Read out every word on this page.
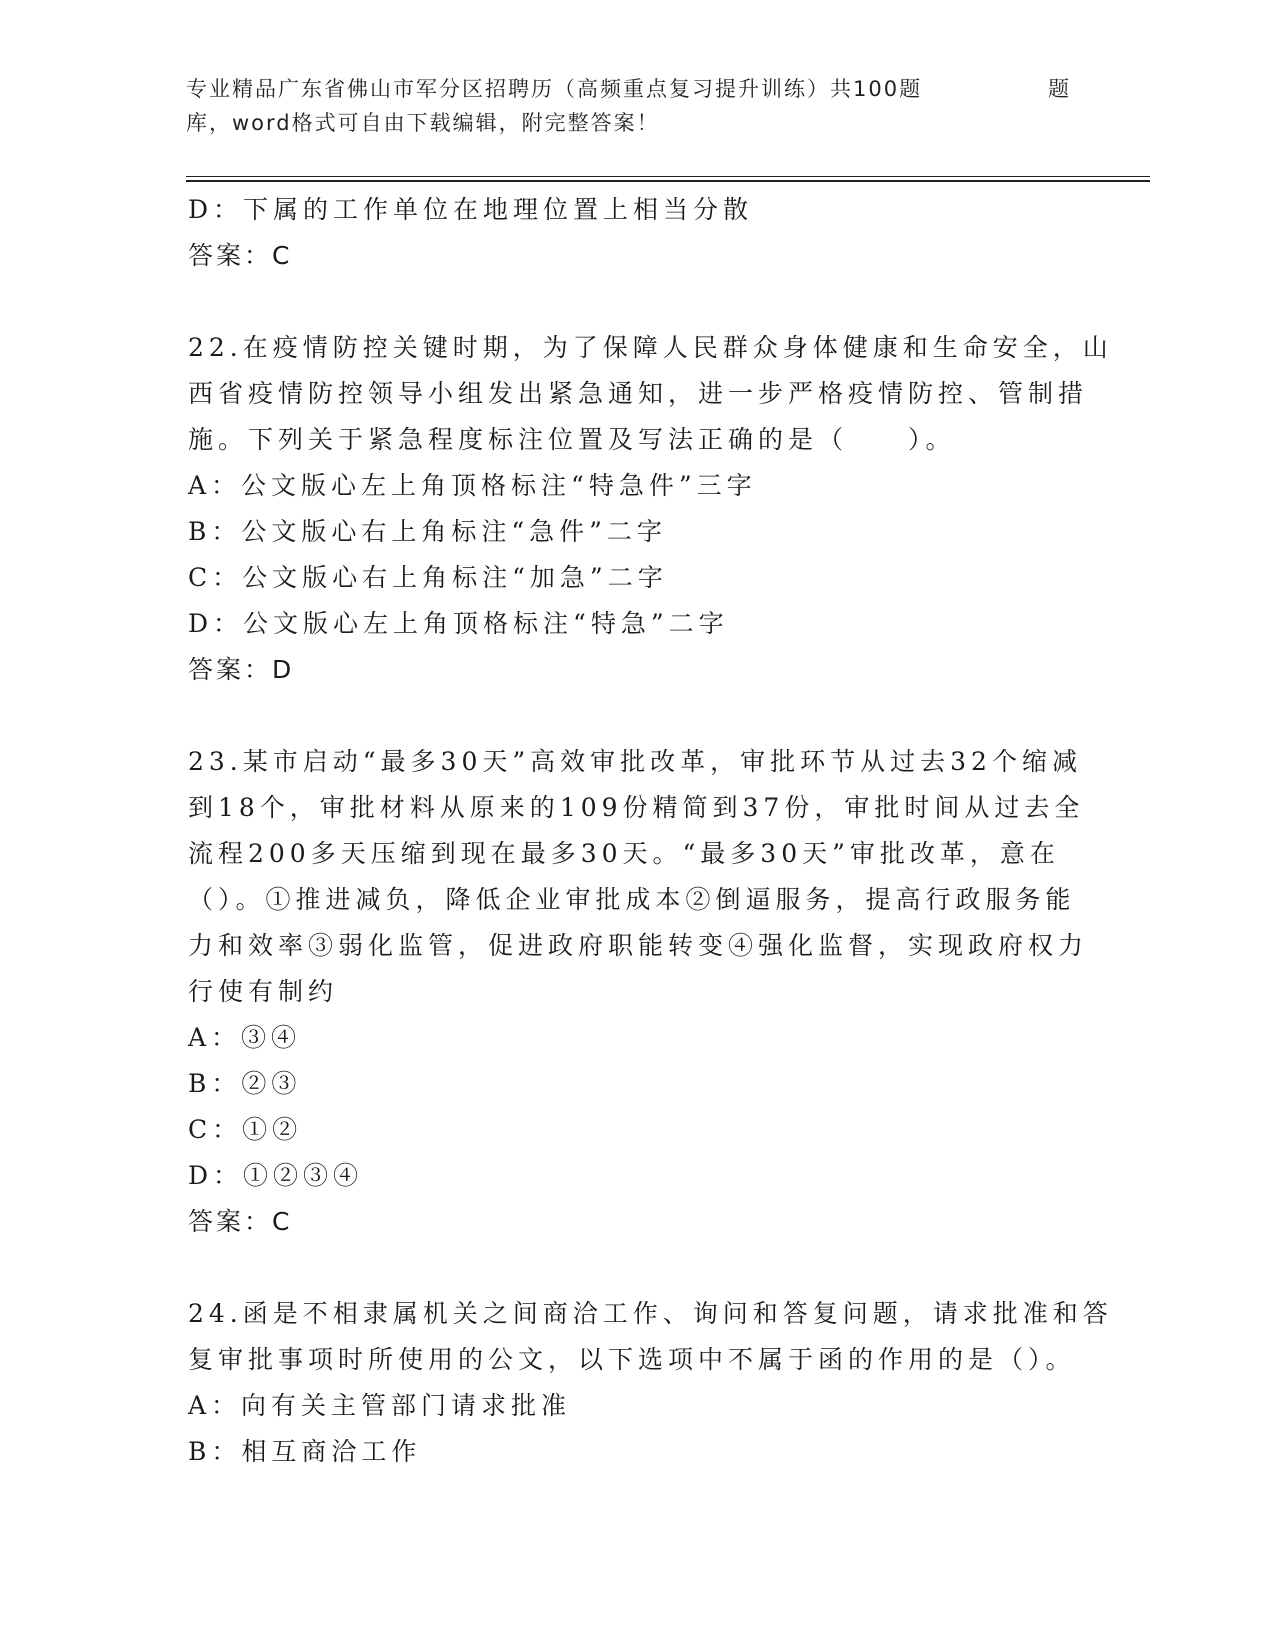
专业精品广东省佛山市军分区招聘历（高频重点复习提升训练）共100题	题
库，word格式可自由下载编辑，附完整答案！
D：下属的工作单位在地理位置上相当分散
答案：C
22.在疫情防控关键时期，为了保障人民群众身体健康和生命安全，山
西省疫情防控领导小组发出紧急通知，进一步严格疫情防控、管制措
施。下列关于紧急程度标注位置及写法正确的是（　　）。
A：公文版心左上角顶格标注“特急件”三字
B：公文版心右上角标注“急件”二字
C：公文版心右上角标注“加急”二字
D：公文版心左上角顶格标注“特急”二字
答案：D
23.某市启动“最多30天”高效审批改革，审批环节从过去32个缩减
到18个，审批材料从原来的109份精简到37份，审批时间从过去全
流程200多天压缩到现在最多30天。“最多30天”审批改革，意在
（）。①推进减负，降低企业审批成本②倒逼服务，提高行政服务能
力和效率③弱化监管，促进政府职能转变④强化监督，实现政府权力
行使有制约
A：③④
B：②③
C：①②
D：①②③④
答案：C
24.函是不相隶属机关之间商洽工作、询问和答复问题，请求批准和答
复审批事项时所使用的公文，以下选项中不属于函的作用的是（）。
A：向有关主管部门请求批准
B：相互商洽工作
